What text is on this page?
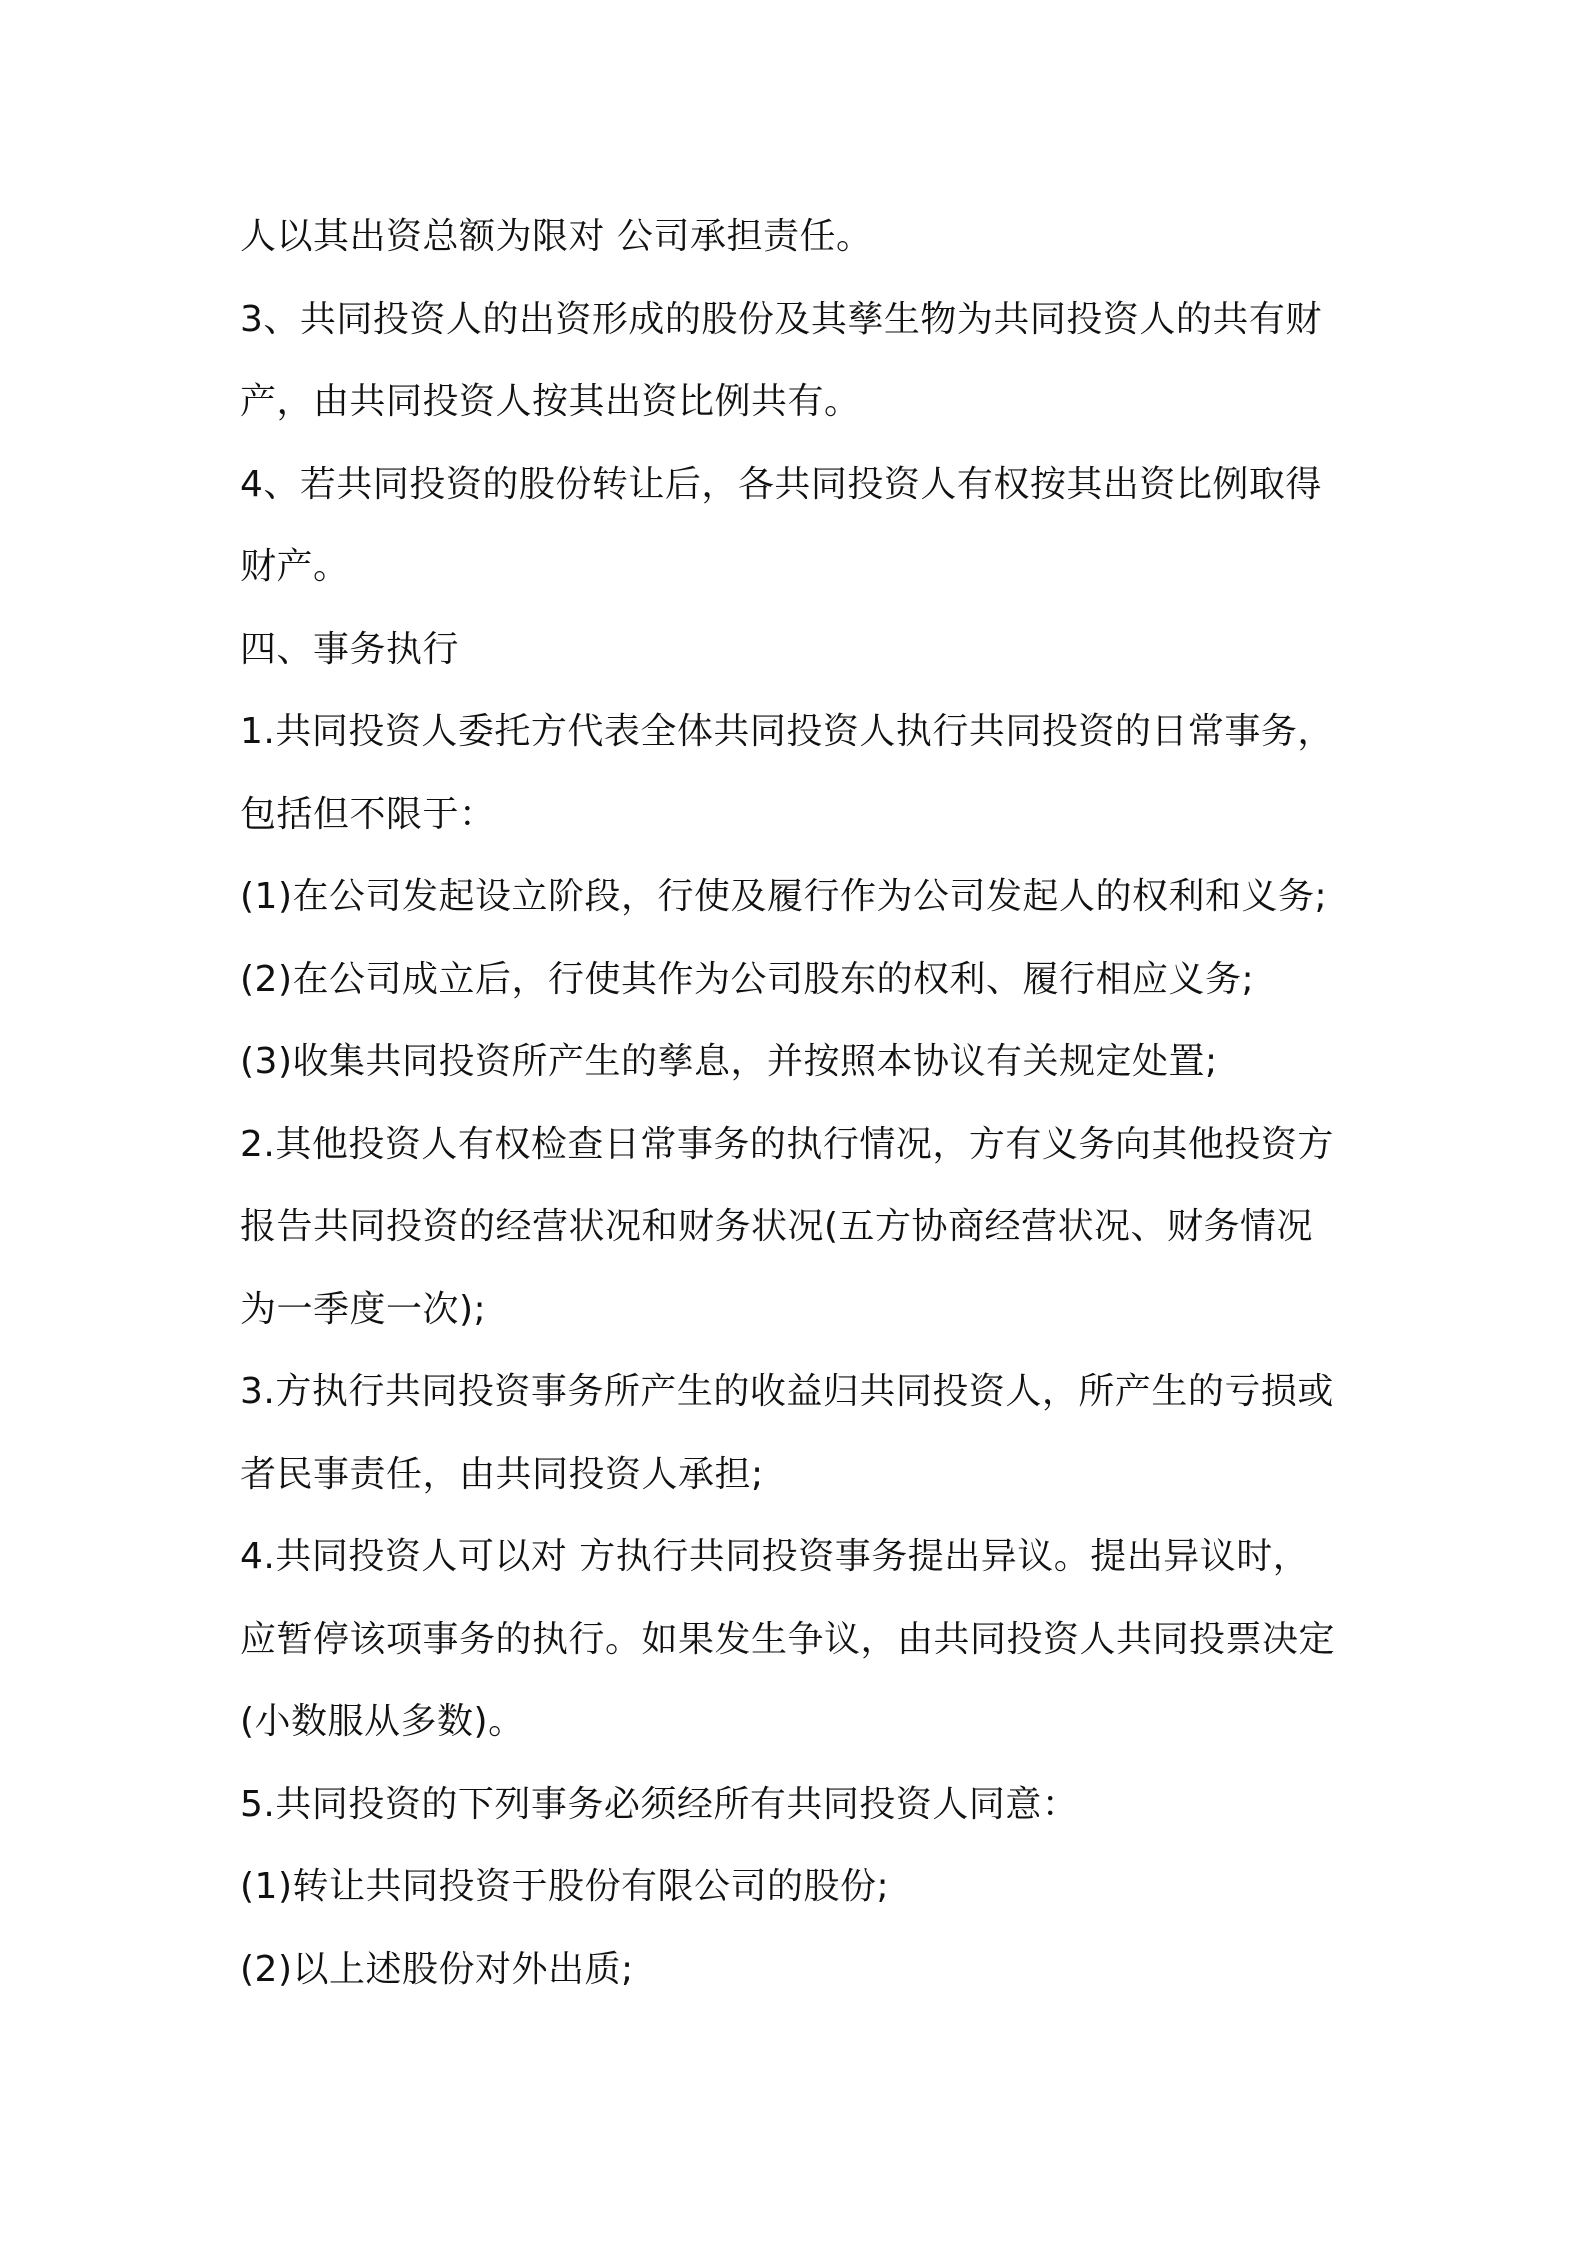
人以其出资总额为限对 公司承担责任。
3、共同投资人的出资形成的股份及其孳生物为共同投资人的共有财
产，由共同投资人按其出资比例共有。
4、若共同投资的股份转让后，各共同投资人有权按其出资比例取得
财产。
四、事务执行
1.共同投资人委托方代表全体共同投资人执行共同投资的日常事务，
包括但不限于：
(1)在公司发起设立阶段，行使及履行作为公司发起人的权利和义务;
(2)在公司成立后，行使其作为公司股东的权利、履行相应义务;
(3)收集共同投资所产生的孳息，并按照本协议有关规定处置;
2.其他投资人有权检查日常事务的执行情况，方有义务向其他投资方
报告共同投资的经营状况和财务状况(五方协商经营状况、财务情况
为一季度一次);
3.方执行共同投资事务所产生的收益归共同投资人，所产生的亏损或
者民事责任，由共同投资人承担;
4.共同投资人可以对 方执行共同投资事务提出异议。提出异议时，
应暂停该项事务的执行。如果发生争议，由共同投资人共同投票决定
(小数服从多数)。
5.共同投资的下列事务必须经所有共同投资人同意：
(1)转让共同投资于股份有限公司的股份;
(2)以上述股份对外出质;
